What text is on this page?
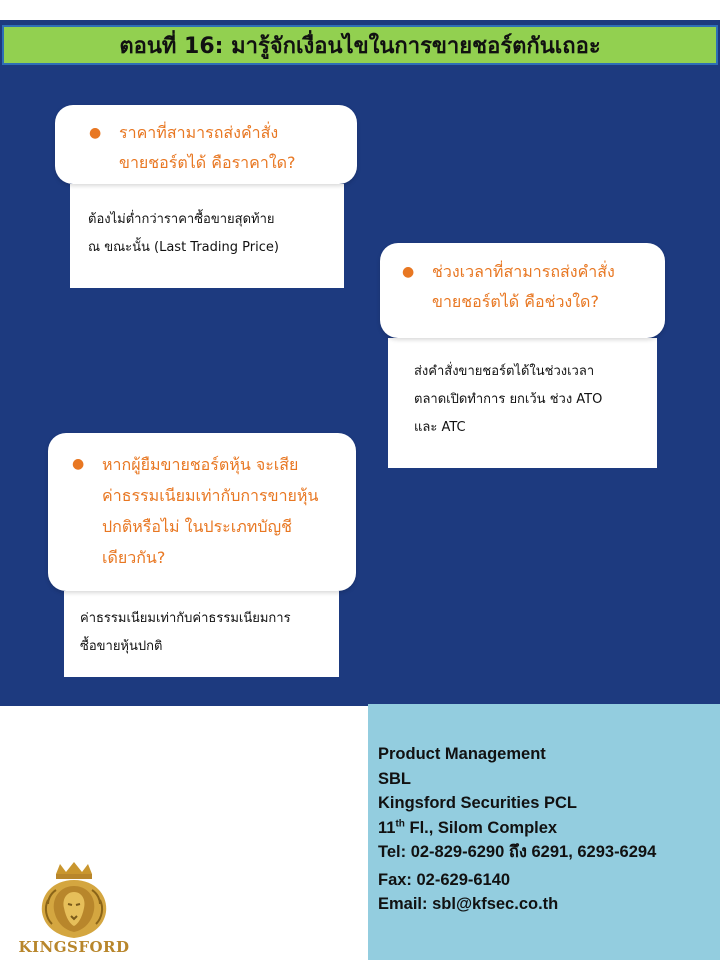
ตอนที่ 16: มารู้จักเงื่อนไขในการขายชอร์ตกันเถอะ
●	ราคาที่สามารถส่งคำสั่ง
ขายชอร์ตได้ คือราคาใด?
ต้องไม่ต่ำกว่าราคาซื้อขายสุดท้าย
ณ ขณะนั้น (Last Trading Price)
●	ช่วงเวลาที่สามารถส่งคำสั่ง
ขายชอร์ตได้ คือช่วงใด?
ส่งคำสั่งขายชอร์ตได้ในช่วงเวลา
ตลาดเปิดทำการ ยกเว้น ช่วง ATO
และ ATC
●	หากผู้ยืมขายชอร์ตหุ้น จะเสีย
ค่าธรรมเนียมเท่ากับการขายหุ้น
ปกติหรือไม่ ในประเภทบัญชี
เดียวกัน?
ค่าธรรมเนียมเท่ากับค่าธรรมเนียมการ
ซื้อขายหุ้นปกติ
Product Management
SBL
Kingsford Securities PCL
11th Fl., Silom Complex
Tel: 02-829-6290 ถึง 6291, 6293-6294
Fax: 02-629-6140
Email: sbl@kfsec.co.th
KINGSFORD
